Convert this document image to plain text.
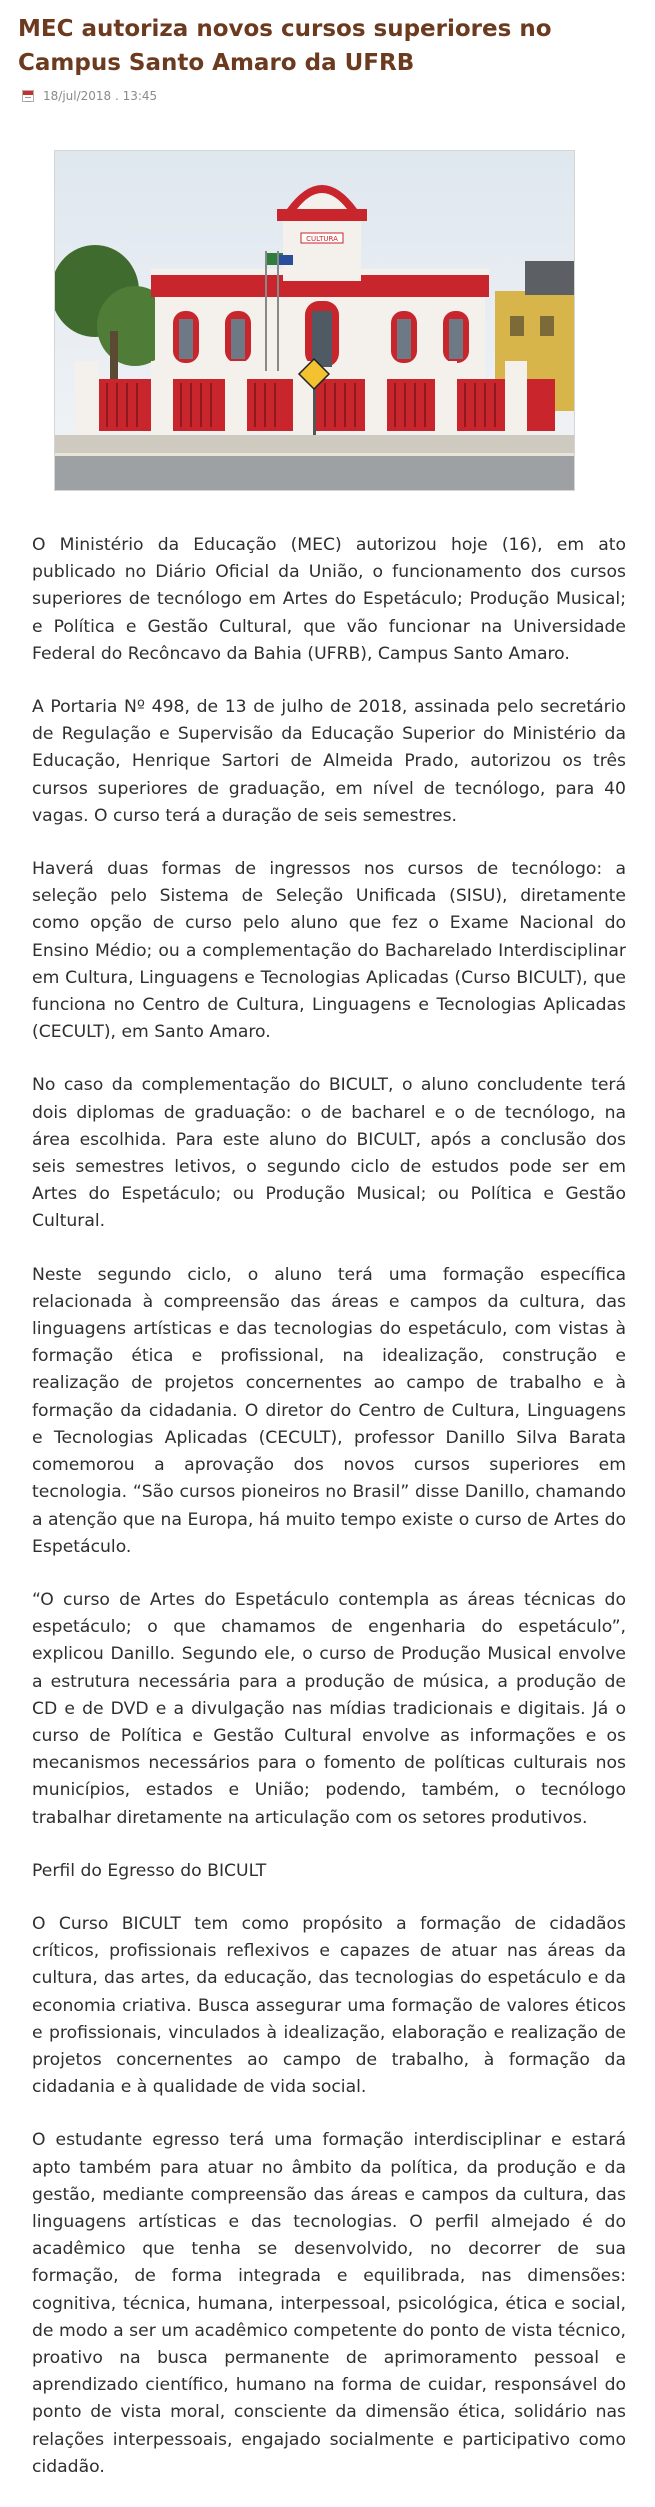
MEC autoriza novos cursos superiores no Campus Santo Amaro da UFRB
18/jul/2018 . 13:45
CULTURA

O Ministério da Educação (MEC) autorizou hoje (16), em ato publicado no Diário Oficial da União, o funcionamento dos cursos superiores de tecnólogo em Artes do Espetáculo; Produção Musical; e Política e Gestão Cultural, que vão funcionar na Universidade Federal do Recôncavo da Bahia (UFRB), Campus Santo Amaro.

A Portaria Nº 498, de 13 de julho de 2018, assinada pelo secretário de Regulação e Supervisão da Educação Superior do Ministério da Educação, Henrique Sartori de Almeida Prado, autorizou os três cursos superiores de graduação, em nível de tecnólogo, para 40 vagas. O curso terá a duração de seis semestres.

Haverá duas formas de ingressos nos cursos de tecnólogo: a seleção pelo Sistema de Seleção Unificada (SISU), diretamente como opção de curso pelo aluno que fez o Exame Nacional do Ensino Médio; ou a complementação do Bacharelado Interdisciplinar em Cultura, Linguagens e Tecnologias Aplicadas (Curso BICULT), que funciona no Centro de Cultura, Linguagens e Tecnologias Aplicadas (CECULT), em Santo Amaro.

No caso da complementação do BICULT, o aluno concludente terá dois diplomas de graduação: o de bacharel e o de tecnólogo, na área escolhida. Para este aluno do BICULT, após a conclusão dos seis semestres letivos, o segundo ciclo de estudos pode ser em Artes do Espetáculo; ou Produção Musical; ou Política e Gestão Cultural.

Neste segundo ciclo, o aluno terá uma formação específica relacionada à compreensão das áreas e campos da cultura, das linguagens artísticas e das tecnologias do espetáculo, com vistas à formação ética e profissional, na idealização, construção e realização de projetos concernentes ao campo de trabalho e à formação da cidadania. O diretor do Centro de Cultura, Linguagens e Tecnologias Aplicadas (CECULT), professor Danillo Silva Barata comemorou a aprovação dos novos cursos superiores em tecnologia. “São cursos pioneiros no Brasil” disse Danillo, chamando a atenção que na Europa, há muito tempo existe o curso de Artes do Espetáculo.

“O curso de Artes do Espetáculo contempla as áreas técnicas do espetáculo; o que chamamos de engenharia do espetáculo”, explicou Danillo. Segundo ele, o curso de Produção Musical envolve a estrutura necessária para a produção de música, a produção de CD e de DVD e a divulgação nas mídias tradicionais e digitais. Já o curso de Política e Gestão Cultural envolve as informações e os mecanismos necessários para o fomento de políticas culturais nos municípios, estados e União; podendo, também, o tecnólogo trabalhar diretamente na articulação com os setores produtivos.

Perfil do Egresso do BICULT

O Curso BICULT tem como propósito a formação de cidadãos críticos, profissionais reflexivos e capazes de atuar nas áreas da cultura, das artes, da educação, das tecnologias do espetáculo e da economia criativa. Busca assegurar uma formação de valores éticos e profissionais, vinculados à idealização, elaboração e realização de projetos concernentes ao campo de trabalho, à formação da cidadania e à qualidade de vida social.

O estudante egresso terá uma formação interdisciplinar e estará apto também para atuar no âmbito da política, da produção e da gestão, mediante compreensão das áreas e campos da cultura, das linguagens artísticas e das tecnologias. O perfil almejado é do acadêmico que tenha se desenvolvido, no decorrer de sua formação, de forma integrada e equilibrada, nas dimensões: cognitiva, técnica, humana, interpessoal, psicológica, ética e social, de modo a ser um acadêmico competente do ponto de vista técnico, proativo na busca permanente de aprimoramento pessoal e aprendizado científico, humano na forma de cuidar, responsável do ponto de vista moral, consciente da dimensão ética, solidário nas relações interpessoais, engajado socialmente e participativo como cidadão.
